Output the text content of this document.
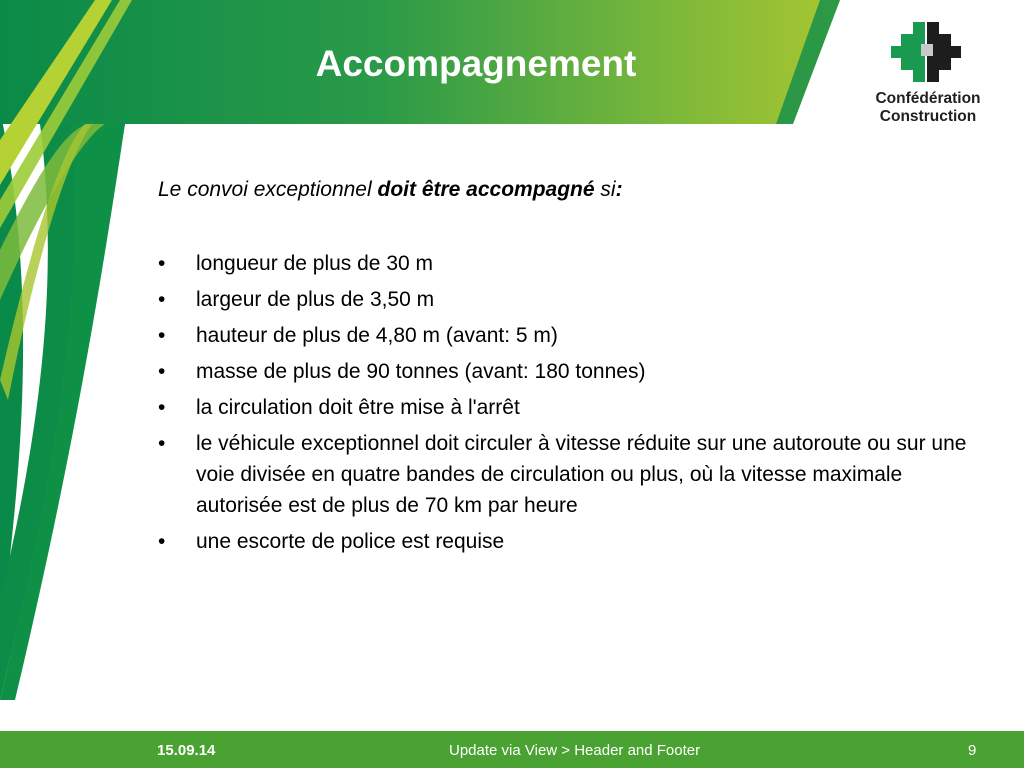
Accompagnement
Confédération
Construction
Le convoi exceptionnel doit être accompagné si:
•	longueur de plus de 30 m
•	largeur de plus de 3,50 m
•	hauteur de plus de 4,80 m (avant: 5 m)
•	masse de plus de 90 tonnes (avant: 180 tonnes)
•	la circulation doit être mise à l'arrêt
•	le véhicule exceptionnel doit circuler à vitesse réduite sur une autoroute ou sur une voie divisée en quatre bandes de circulation ou plus, où la vitesse maximale autorisée est de plus de 70 km par heure
•	une escorte de police est requise
15.09.14	Update via View > Header and Footer	9
